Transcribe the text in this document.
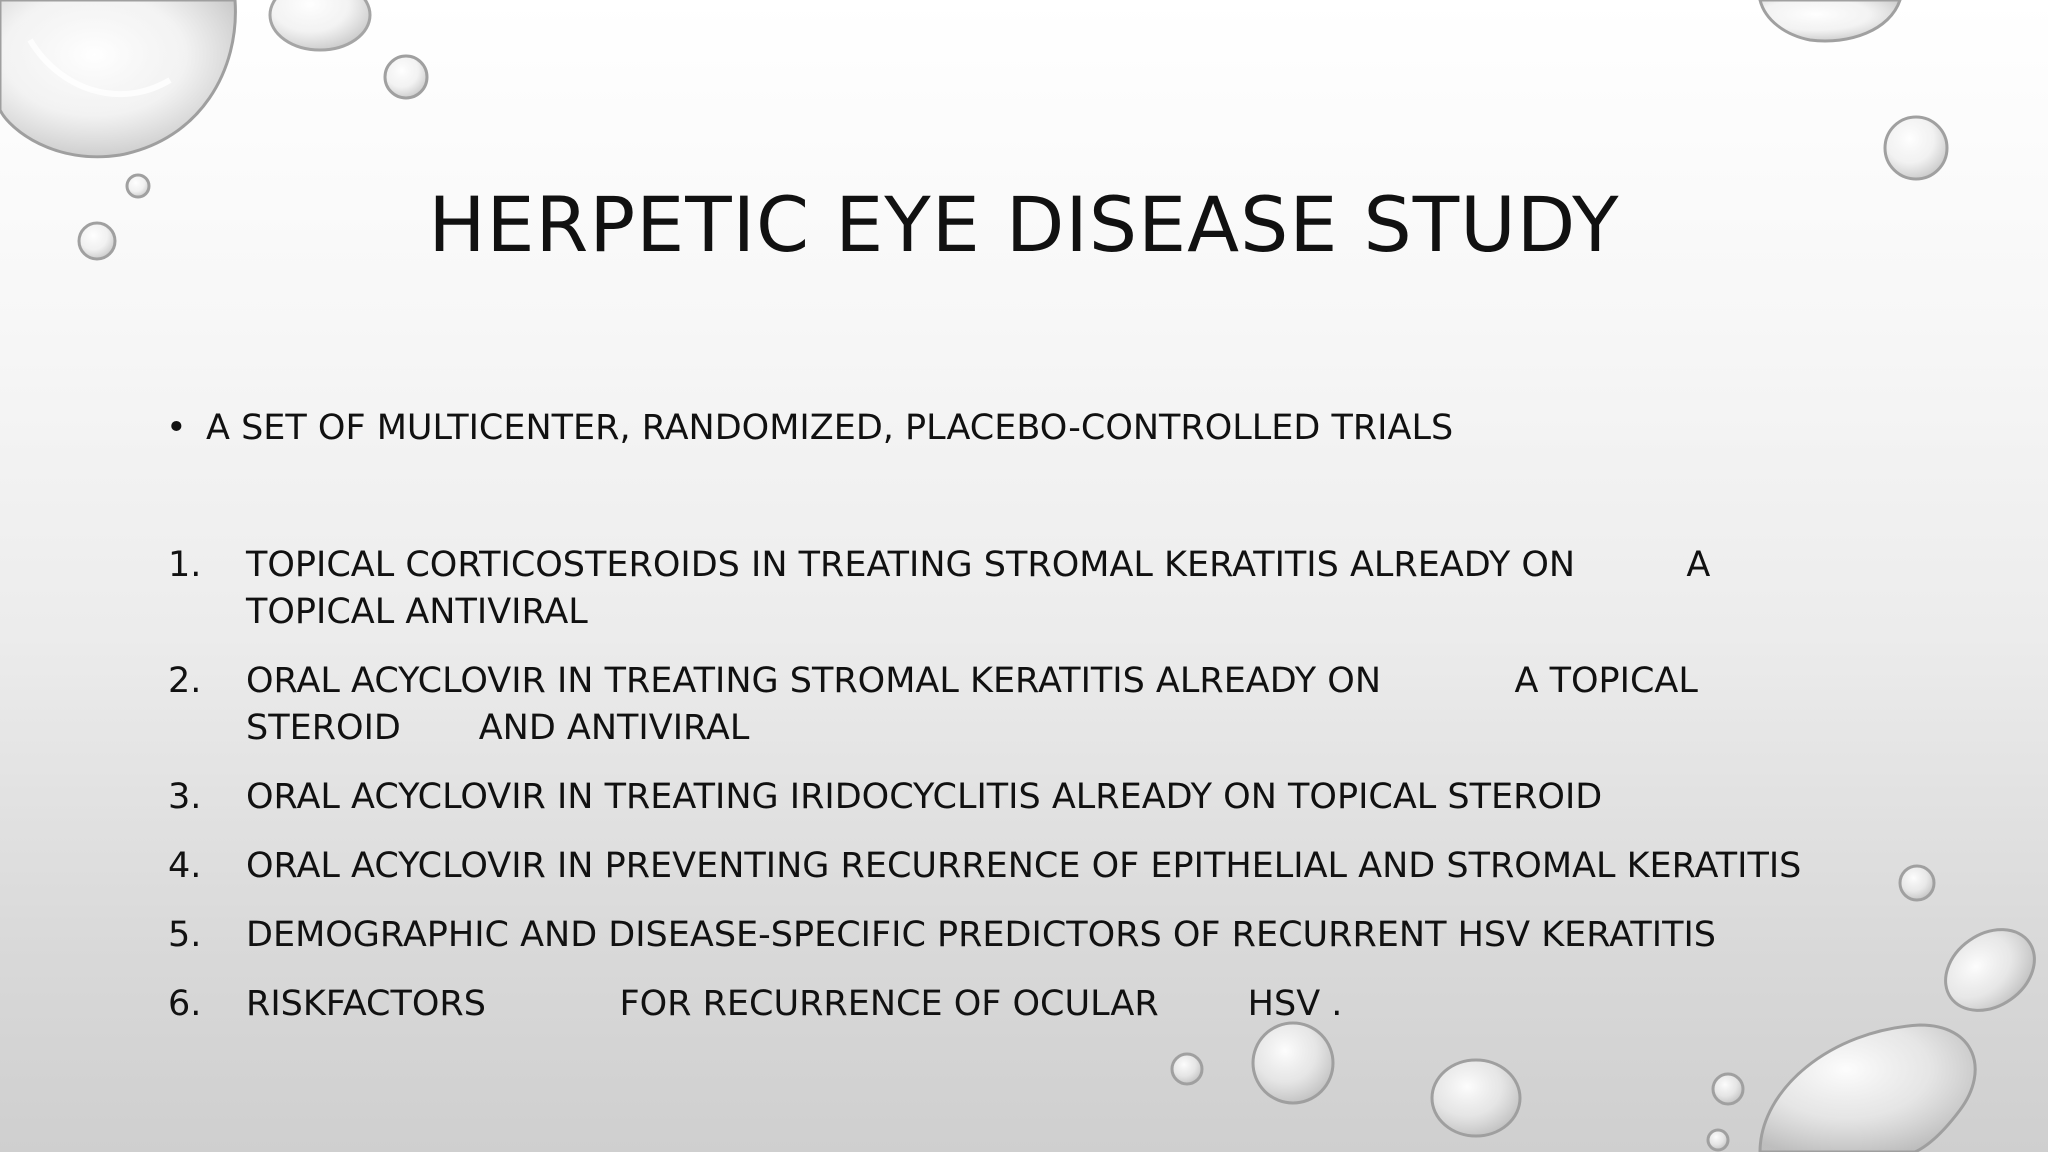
HERPETIC EYE DISEASE STUDY
• A SET OF MULTICENTER, RANDOMIZED, PLACEBO-CONTROLLED TRIALS
1. TOPICAL CORTICOSTEROIDS IN TREATING STROMAL KERATITIS ALREADY ON          A
TOPICAL ANTIVIRAL
2. ORAL ACYCLOVIR IN TREATING STROMAL KERATITIS ALREADY ON            A TOPICAL
STEROID       AND ANTIVIRAL
3. ORAL ACYCLOVIR IN TREATING IRIDOCYCLITIS ALREADY ON TOPICAL STEROID
4. ORAL ACYCLOVIR IN PREVENTING RECURRENCE OF EPITHELIAL AND STROMAL KERATITIS
5. DEMOGRAPHIC AND DISEASE-SPECIFIC PREDICTORS OF RECURRENT HSV KERATITIS
6. RISKFACTORS            FOR RECURRENCE OF OCULAR        HSV .
